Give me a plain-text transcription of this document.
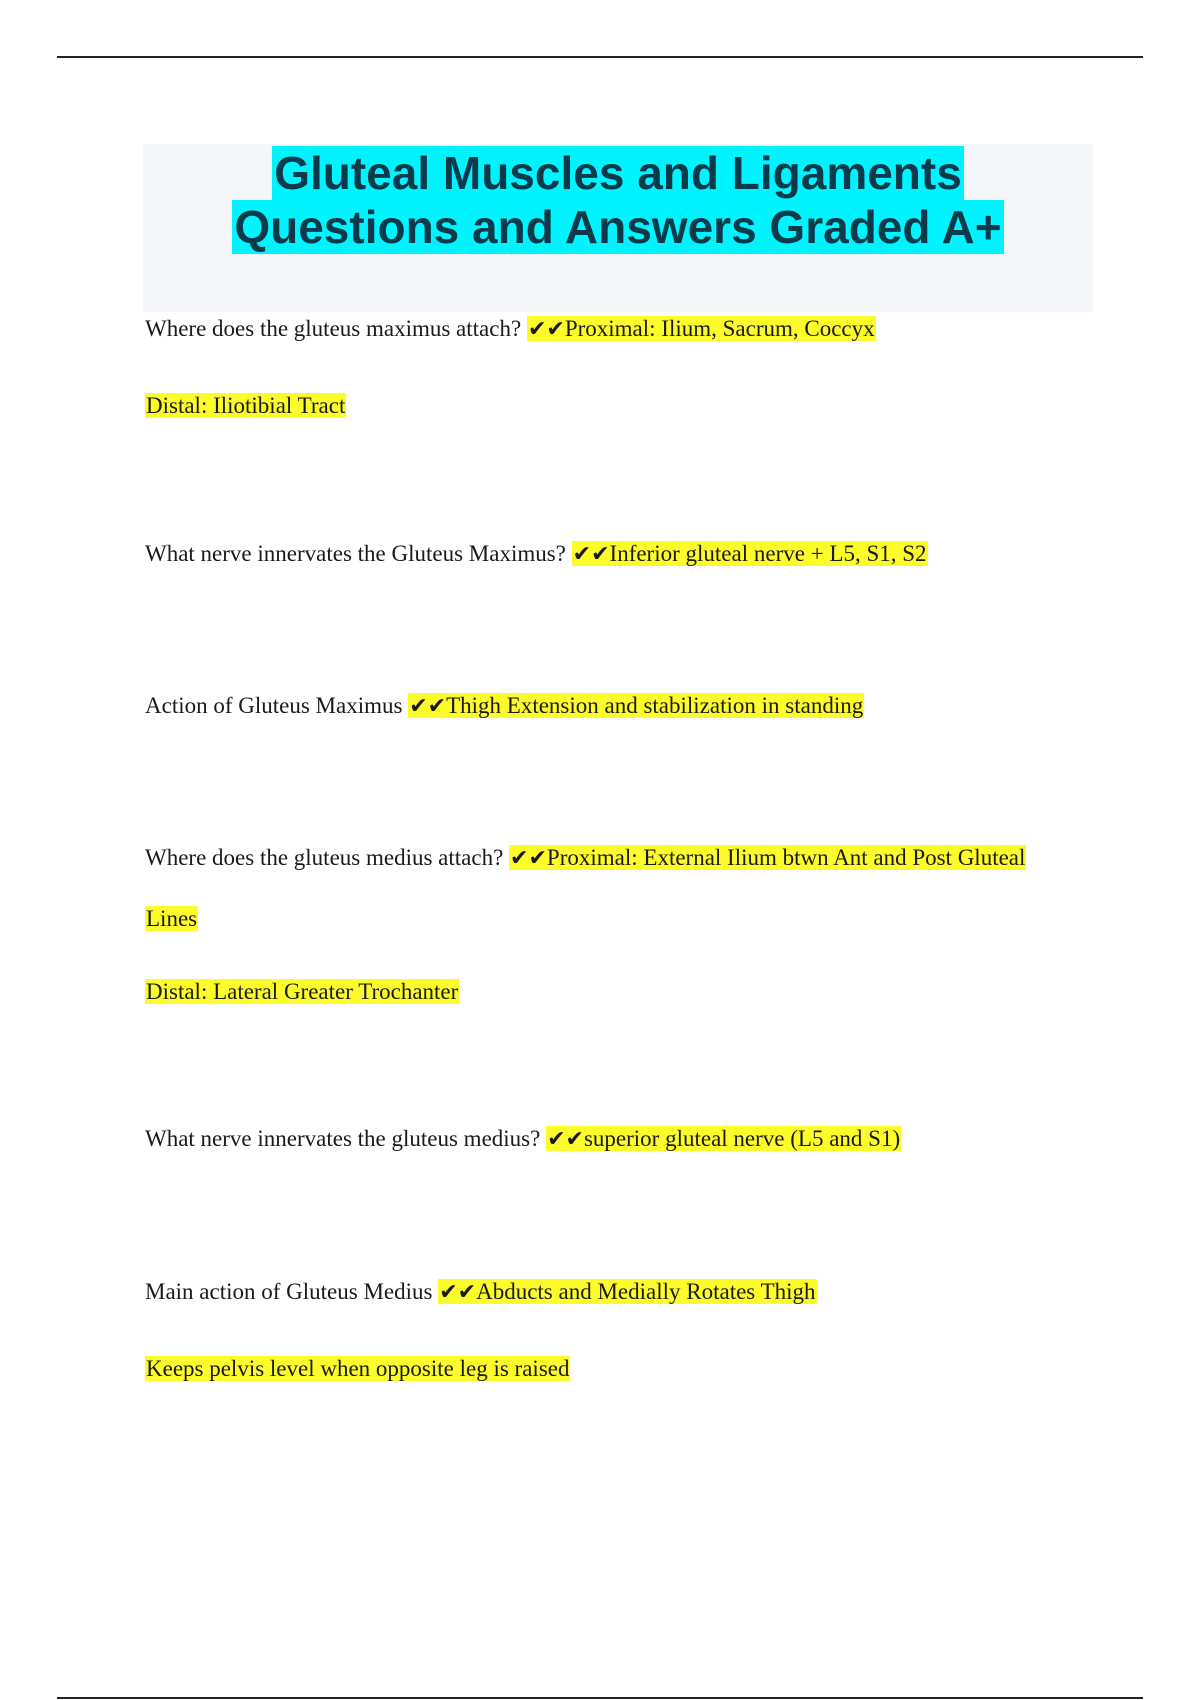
Gluteal Muscles and Ligaments
Questions and Answers Graded A+
Where does the gluteus maximus attach? ✔✔Proximal: Ilium, Sacrum, Coccyx
Distal: Iliotibial Tract
What nerve innervates the Gluteus Maximus? ✔✔Inferior gluteal nerve + L5, S1, S2
Action of Gluteus Maximus ✔✔Thigh Extension and stabilization in standing
Where does the gluteus medius attach? ✔✔Proximal: External Ilium btwn Ant and Post Gluteal
Lines
Distal: Lateral Greater Trochanter
What nerve innervates the gluteus medius? ✔✔superior gluteal nerve (L5 and S1)
Main action of Gluteus Medius ✔✔Abducts and Medially Rotates Thigh
Keeps pelvis level when opposite leg is raised
